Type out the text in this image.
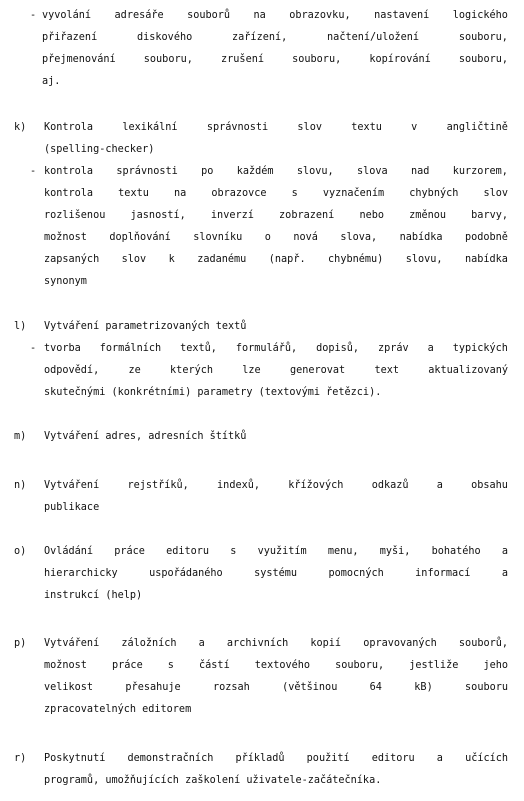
- vyvolání adresáře souborů na obrazovku, nastavení logického
přiřazení	diskového	zařízení,	načtení/uložení	souboru,
přejmenování	souboru,	zrušení	souboru,	kopírování	souboru,
aj.
k)	Kontrola	lexikální	správnosti	slov	textu	v	angličtině
(spelling-checker)
- kontrola správnosti po každém slovu, slova nad kurzorem,
kontrola textu na obrazovce s vyznačením chybných slov
rozlišenou jasností, inverzí zobrazení nebo změnou barvy,
možnost doplňování slovníku o nová slova, nabídka podobně
zapsaných slov k zadanému (např. chybnému) slovu, nabídka
synonym
l)	Vytváření parametrizovaných textů
- tvorba formálních textů, formulářů, dopisů, zpráv a typických
odpovědí,	ze	kterých	lze	generovat	text	aktualizovaný
skutečnými (konkrétními) parametry (textovými řetězci).
m)	Vytváření adres, adresních štítků
n)	Vytváření	rejstříků,	indexů,	křížových	odkazů	a	obsahu
publikace
o)	Ovládání práce editoru s využitím menu, myši, bohatého a
hierarchicky	uspořádaného	systému	pomocných	informací	a
instrukcí (help)
p)	Vytváření záložních a archivních kopií opravovaných souborů,
možnost práce s částí textového souboru, jestliže jeho
velikost	přesahuje	rozsah	(většinou	64	kB)	souboru
zpracovatelných editorem
r)	Poskytnutí demonstračních příkladů použití editoru a učících
programů, umožňujících zaškolení uživatele-začátečníka.
